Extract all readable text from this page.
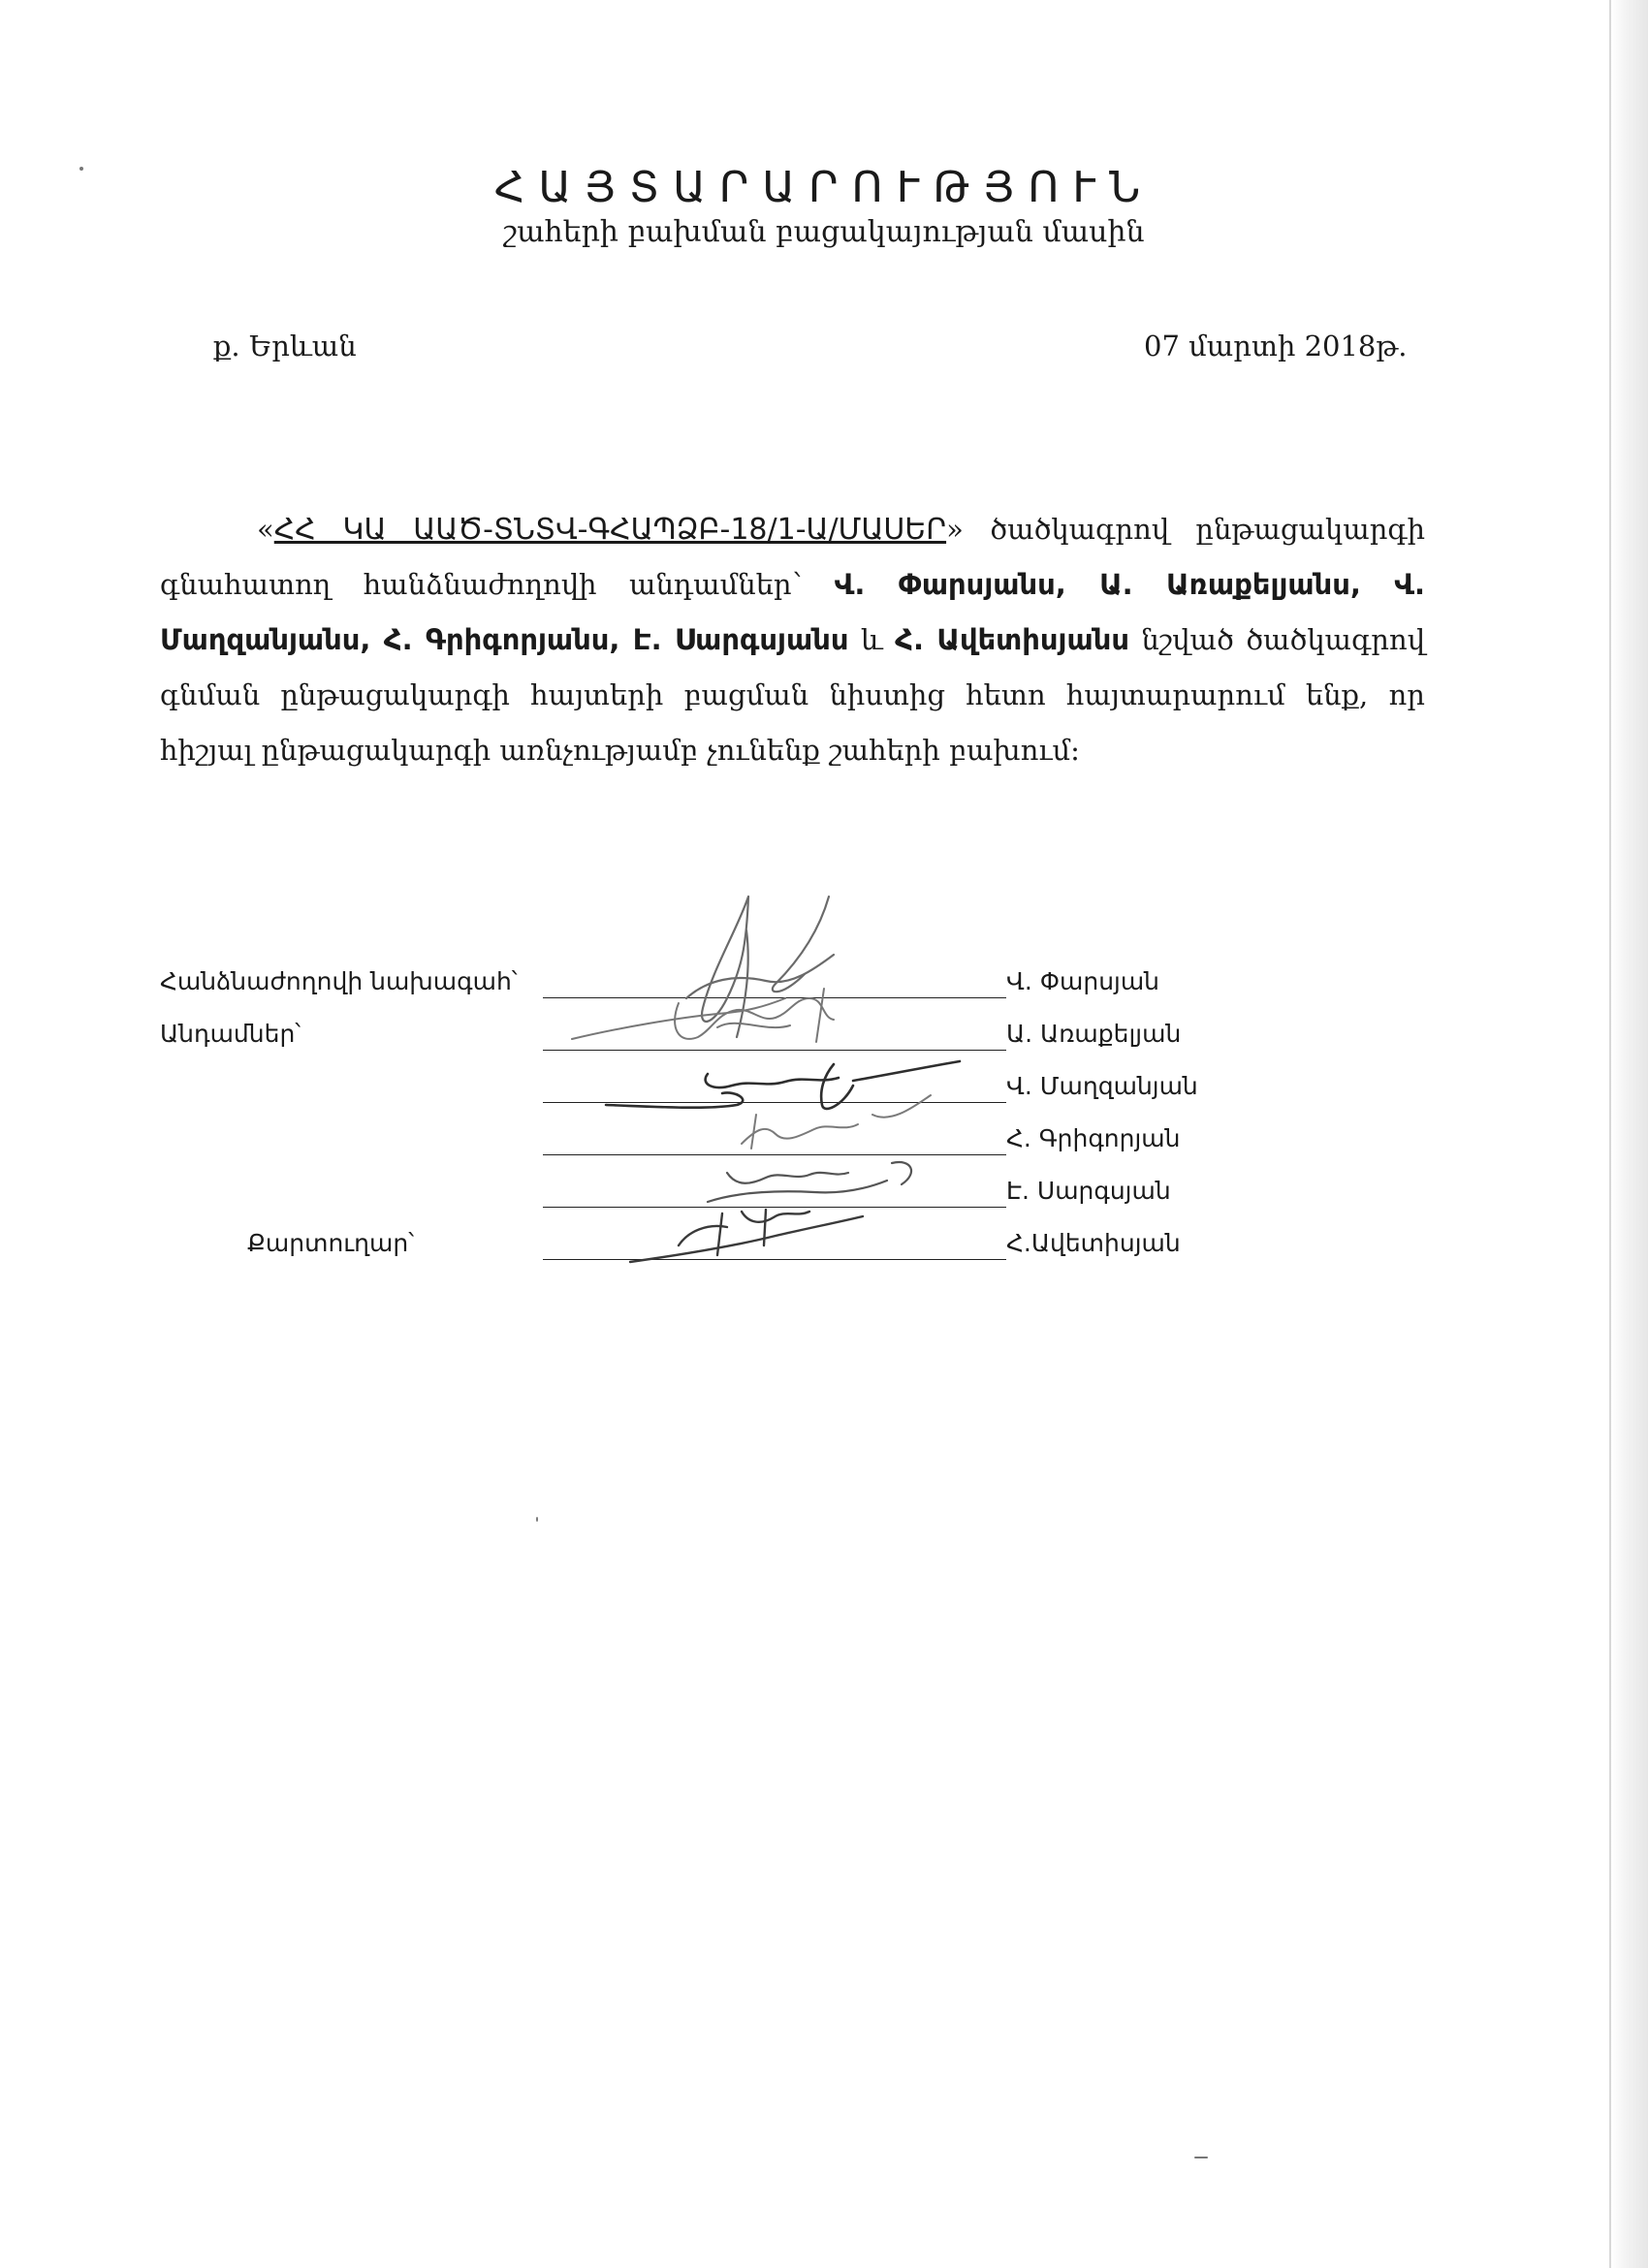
ՀԱՅՏԱՐԱՐՈՒԹՅՈՒՆ
շահերի բախման բացակայության մասին
ք. Երևան	07 մարտի 2018թ.
«ՀՀ ԿԱ ԱԱԾ-ՏՆՏՎ-ԳՀԱՊՁԲ-18/1-Ա/ՄԱՍԵՐ» ծածկագրով ընթացակարգի գնահատող հանձնաժողովի անդամներ՝ Վ. Փարսյանս, Ա. Առաքելյանս, Վ. Մաղզանյանս, Հ. Գրիգորյանս, Է. Սարգսյանս և Հ. Ավետիսյանս նշված ծածկագրով գնման ընթացակարգի հայտերի բացման նիստից հետո հայտարարում ենք, որ հիշյալ ընթացակարգի առնչությամբ չունենք շահերի բախում:
Հանձնաժողովի նախագահ՝	Վ. Փարսյան
Անդամներ՝	Ա. Առաքելյան
Վ. Մաղզանյան
Հ. Գրիգորյան
Է. Սարգսյան
Քարտուղար՝	Հ.Ավետիսյան
